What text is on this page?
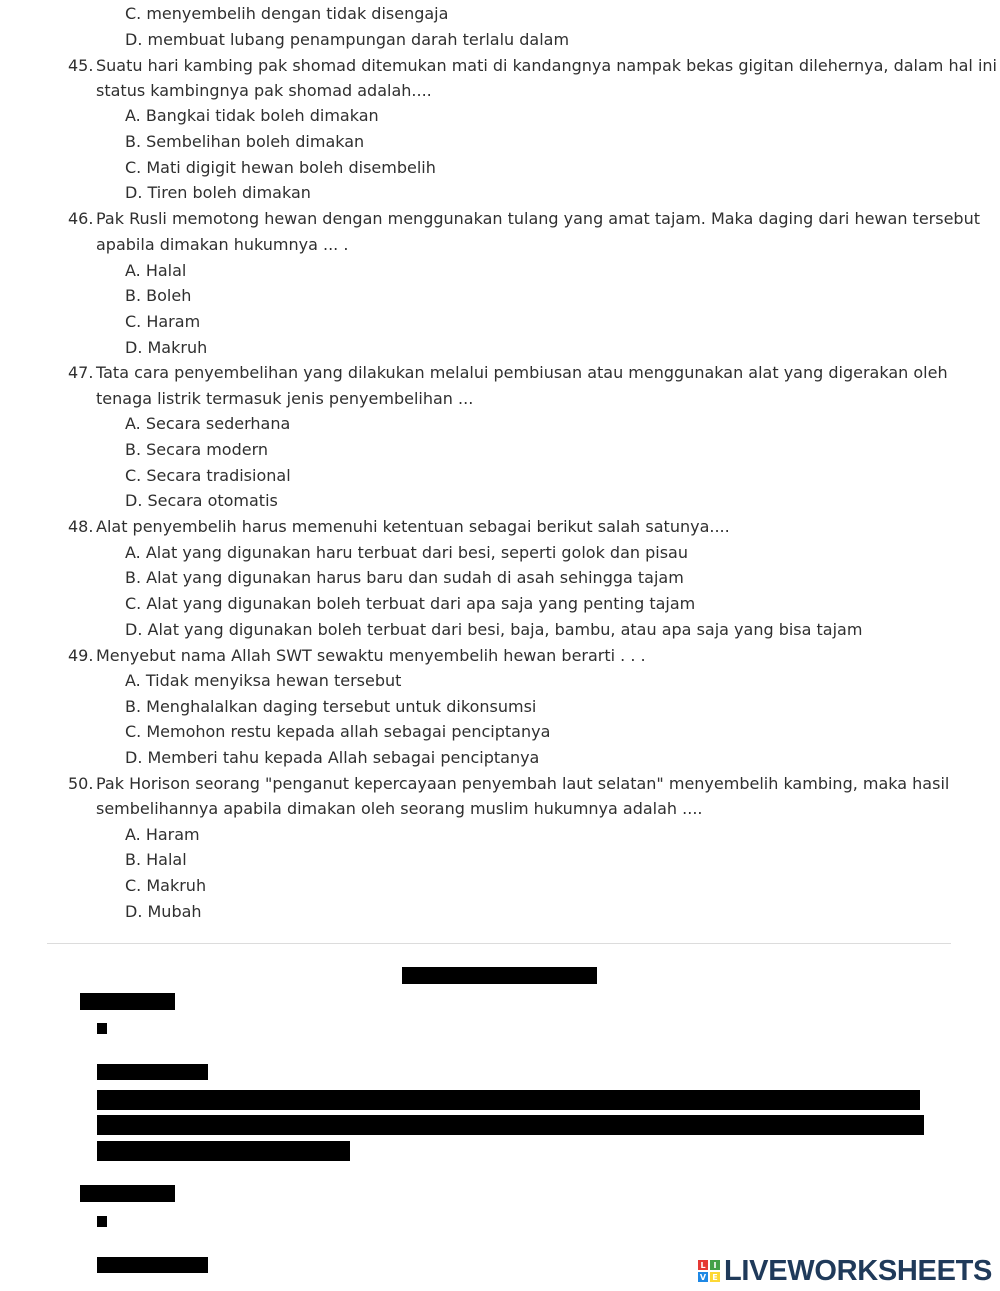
C. menyembelih dengan tidak disengaja
D. membuat lubang penampungan darah terlalu dalam
45. Suatu hari kambing pak shomad ditemukan mati di kandangnya nampak bekas gigitan dilehernya, dalam hal ini
status kambingnya pak shomad adalah....
A. Bangkai tidak boleh dimakan
B. Sembelihan boleh dimakan
C. Mati digigit hewan boleh disembelih
D. Tiren boleh dimakan
46. Pak Rusli memotong hewan dengan menggunakan tulang yang amat tajam. Maka daging dari hewan tersebut
apabila dimakan hukumnya ... .
A. Halal
B. Boleh
C. Haram
D. Makruh
47. Tata cara penyembelihan yang dilakukan melalui pembiusan atau menggunakan alat yang digerakan oleh
tenaga listrik termasuk jenis penyembelihan ...
A. Secara sederhana
B. Secara modern
C. Secara tradisional
D. Secara otomatis
48. Alat penyembelih harus memenuhi ketentuan sebagai berikut salah satunya....
A. Alat yang digunakan haru terbuat dari besi, seperti golok dan pisau
B. Alat yang digunakan harus baru dan sudah di asah sehingga tajam
C. Alat yang digunakan boleh terbuat dari apa saja yang penting tajam
D. Alat yang digunakan boleh terbuat dari besi, baja, bambu, atau apa saja yang bisa tajam
49. Menyebut nama Allah SWT sewaktu menyembelih hewan berarti . . .
A. Tidak menyiksa hewan tersebut
B. Menghalalkan daging tersebut untuk dikonsumsi
C. Memohon restu kepada allah sebagai penciptanya
D. Memberi tahu kepada Allah sebagai penciptanya
50. Pak Horison seorang "penganut kepercayaan penyembah laut selatan" menyembelih kambing, maka hasil
sembelihannya apabila dimakan oleh seorang muslim hukumnya adalah ....
A. Haram
B. Halal
C. Makruh
D. Mubah
L I
V E LIVEWORKSHEETS
